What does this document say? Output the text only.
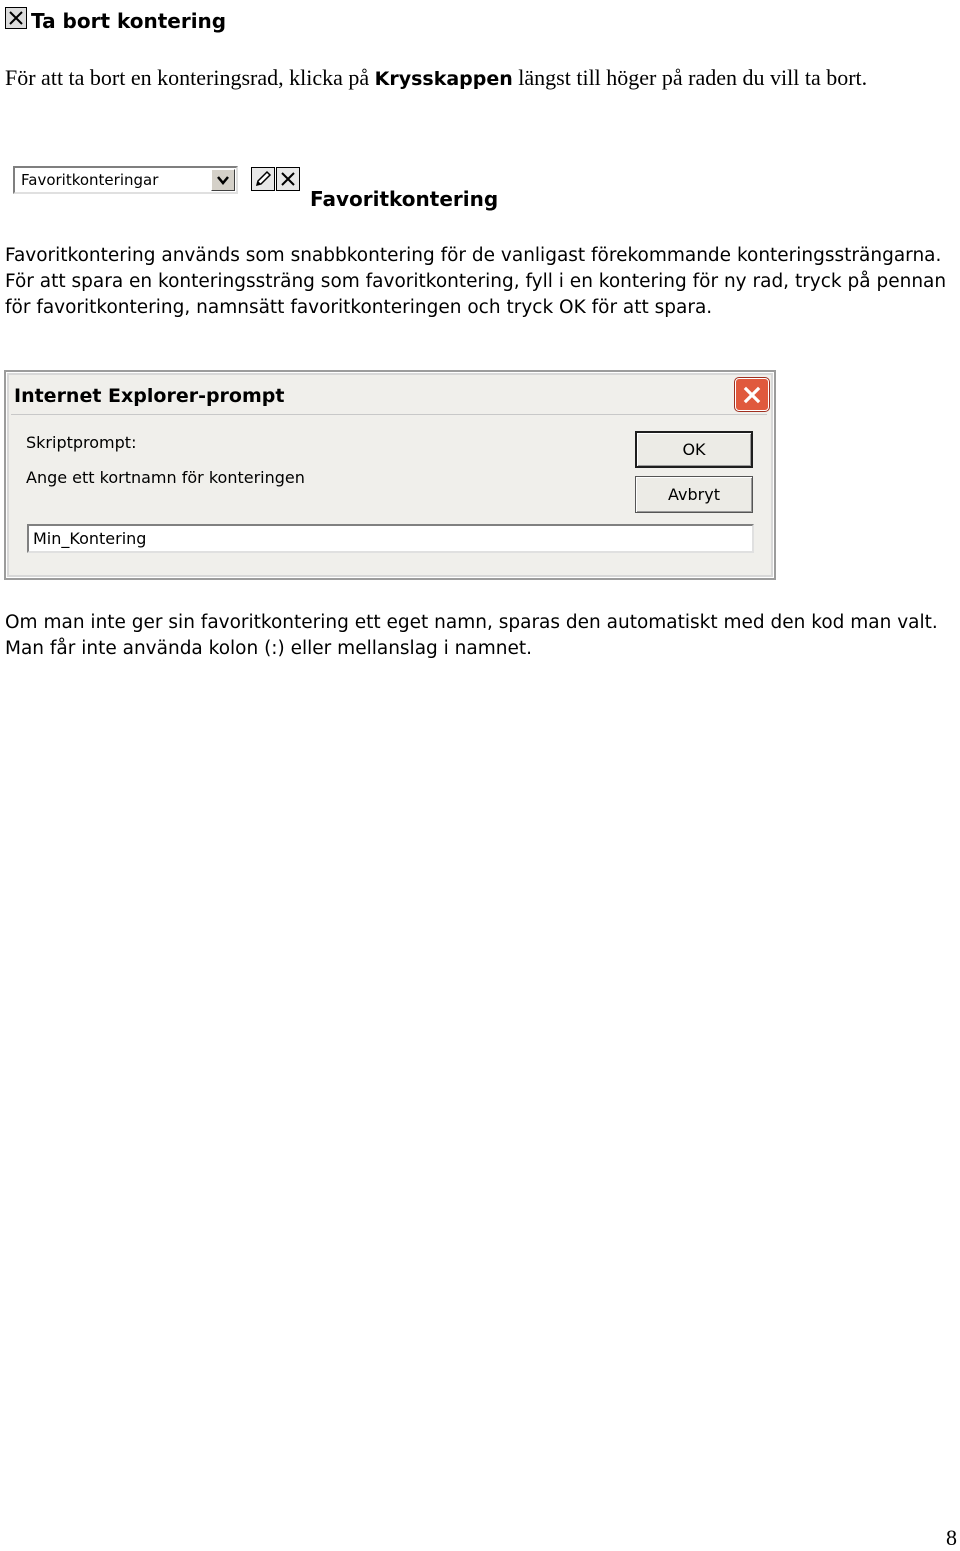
Ta bort kontering
För att ta bort en konteringsrad, klicka på Krysskappen längst till höger på raden du vill ta bort.
Favoritkonteringar
Favoritkontering
Favoritkontering används som snabbkontering för de vanligast förekommande konteringssträngarna. För att spara en konteringssträng som favoritkontering, fyll i en kontering för ny rad, tryck på pennan för favoritkontering, namnsätt favoritkonteringen och tryck OK för att spara.
Internet Explorer-prompt
Skriptprompt:
Ange ett kortnamn för konteringen
OK
Avbryt
Min_Kontering
Om man inte ger sin favoritkontering ett eget namn, sparas den automatiskt med den kod man valt. Man får inte använda kolon (:) eller mellanslag i namnet.
8
